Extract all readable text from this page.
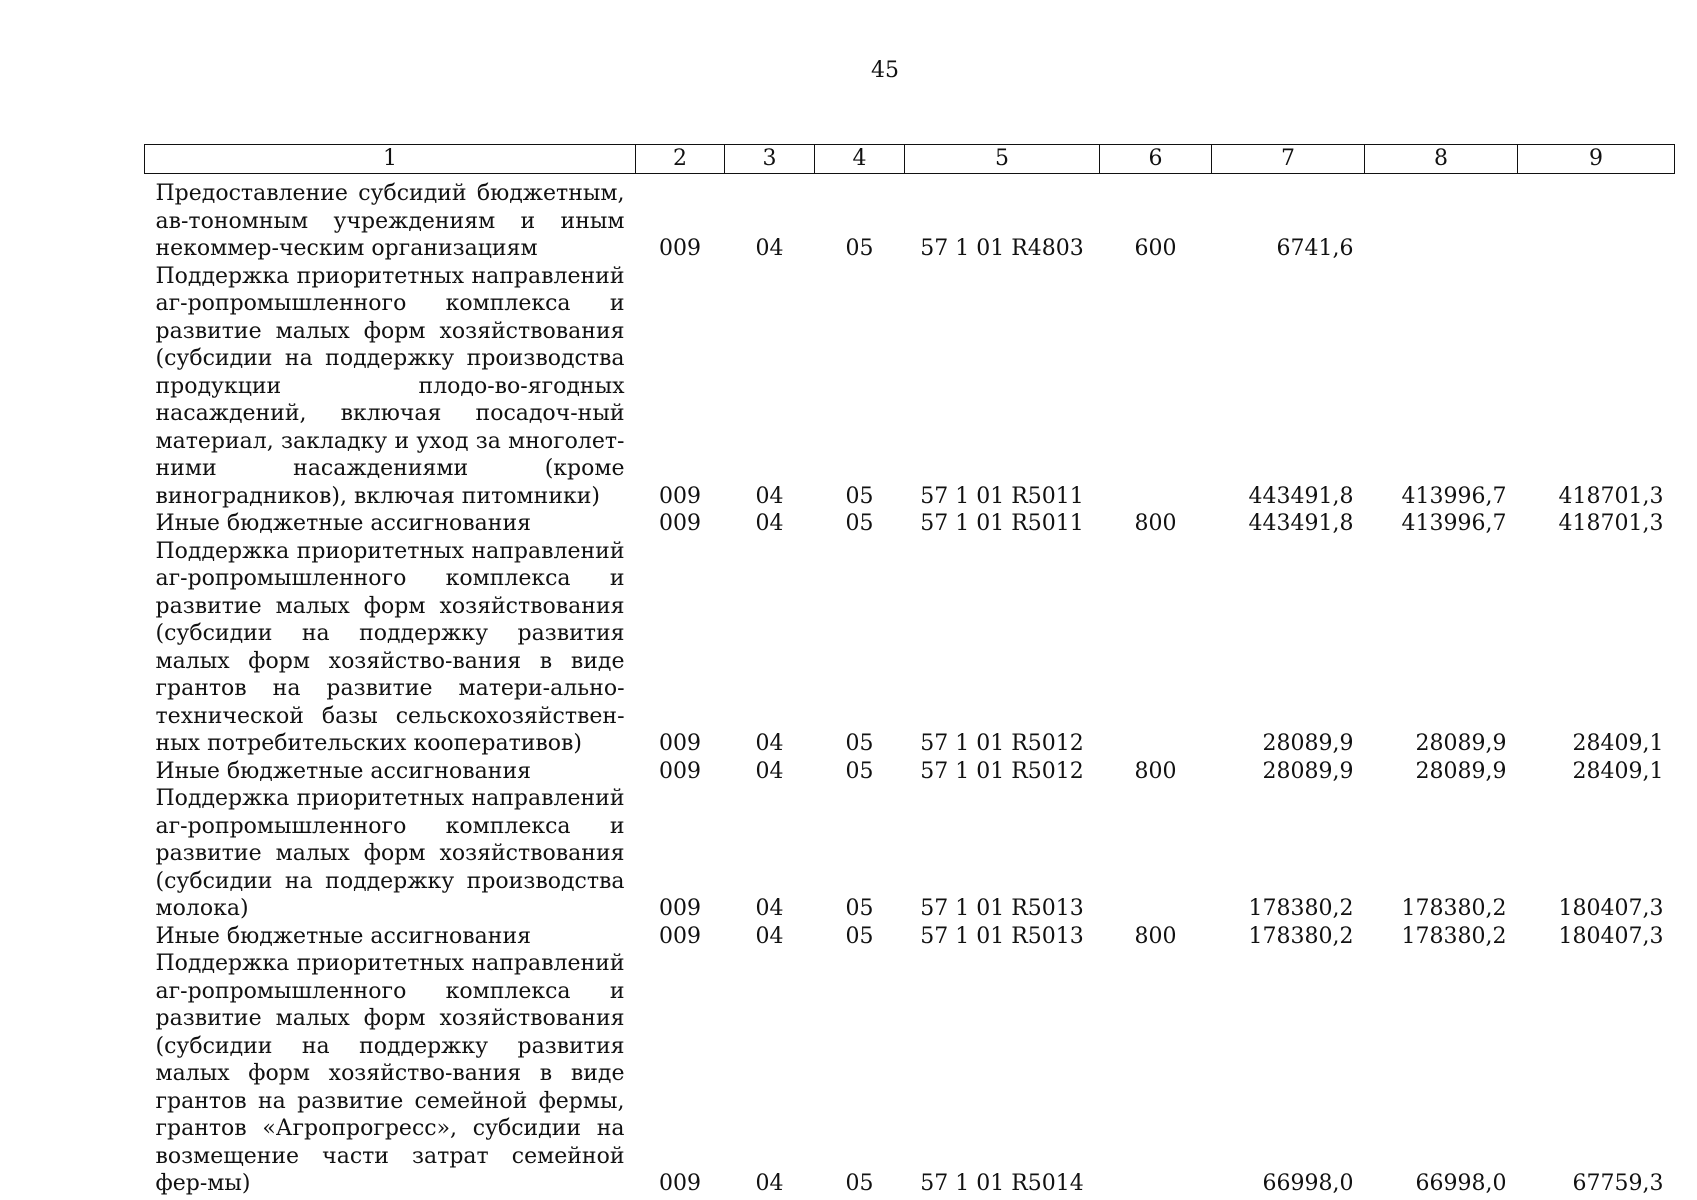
45
1	2	3	4	5	6	7	8	9

Предоставление субсидий бюджетным, ав-тономным учреждениям и иным некоммер-ческим организациям	009	04	05	57 1 01 R4803	600	6741,6		
Поддержка приоритетных направлений аг-ропромышленного комплекса и развитие малых форм хозяйствования (субсидии на поддержку производства продукции плодо-во-ягодных насаждений, включая посадоч-ный материал, закладку и уход за многолет-ними насаждениями (кроме виноградников), включая питомники)	009	04	05	57 1 01 R5011		443491,8	413996,7	418701,3
Иные бюджетные ассигнования	009	04	05	57 1 01 R5011	800	443491,8	413996,7	418701,3
Поддержка приоритетных направлений аг-ропромышленного комплекса и развитие малых форм хозяйствования (субсидии на поддержку развития малых форм хозяйство-вания в виде грантов на развитие матери-ально-технической базы сельскохозяйствен-ных потребительских кооперативов)	009	04	05	57 1 01 R5012		28089,9	28089,9	28409,1
Иные бюджетные ассигнования	009	04	05	57 1 01 R5012	800	28089,9	28089,9	28409,1
Поддержка приоритетных направлений аг-ропромышленного комплекса и развитие малых форм хозяйствования (субсидии на поддержку производства молока)	009	04	05	57 1 01 R5013		178380,2	178380,2	180407,3
Иные бюджетные ассигнования	009	04	05	57 1 01 R5013	800	178380,2	178380,2	180407,3
Поддержка приоритетных направлений аг-ропромышленного комплекса и развитие малых форм хозяйствования (субсидии на поддержку развития малых форм хозяйство-вания в виде грантов на развитие семейной фермы, грантов «Агропрогресс», субсидии на возмещение части затрат семейной фер-мы)	009	04	05	57 1 01 R5014		66998,0	66998,0	67759,3
